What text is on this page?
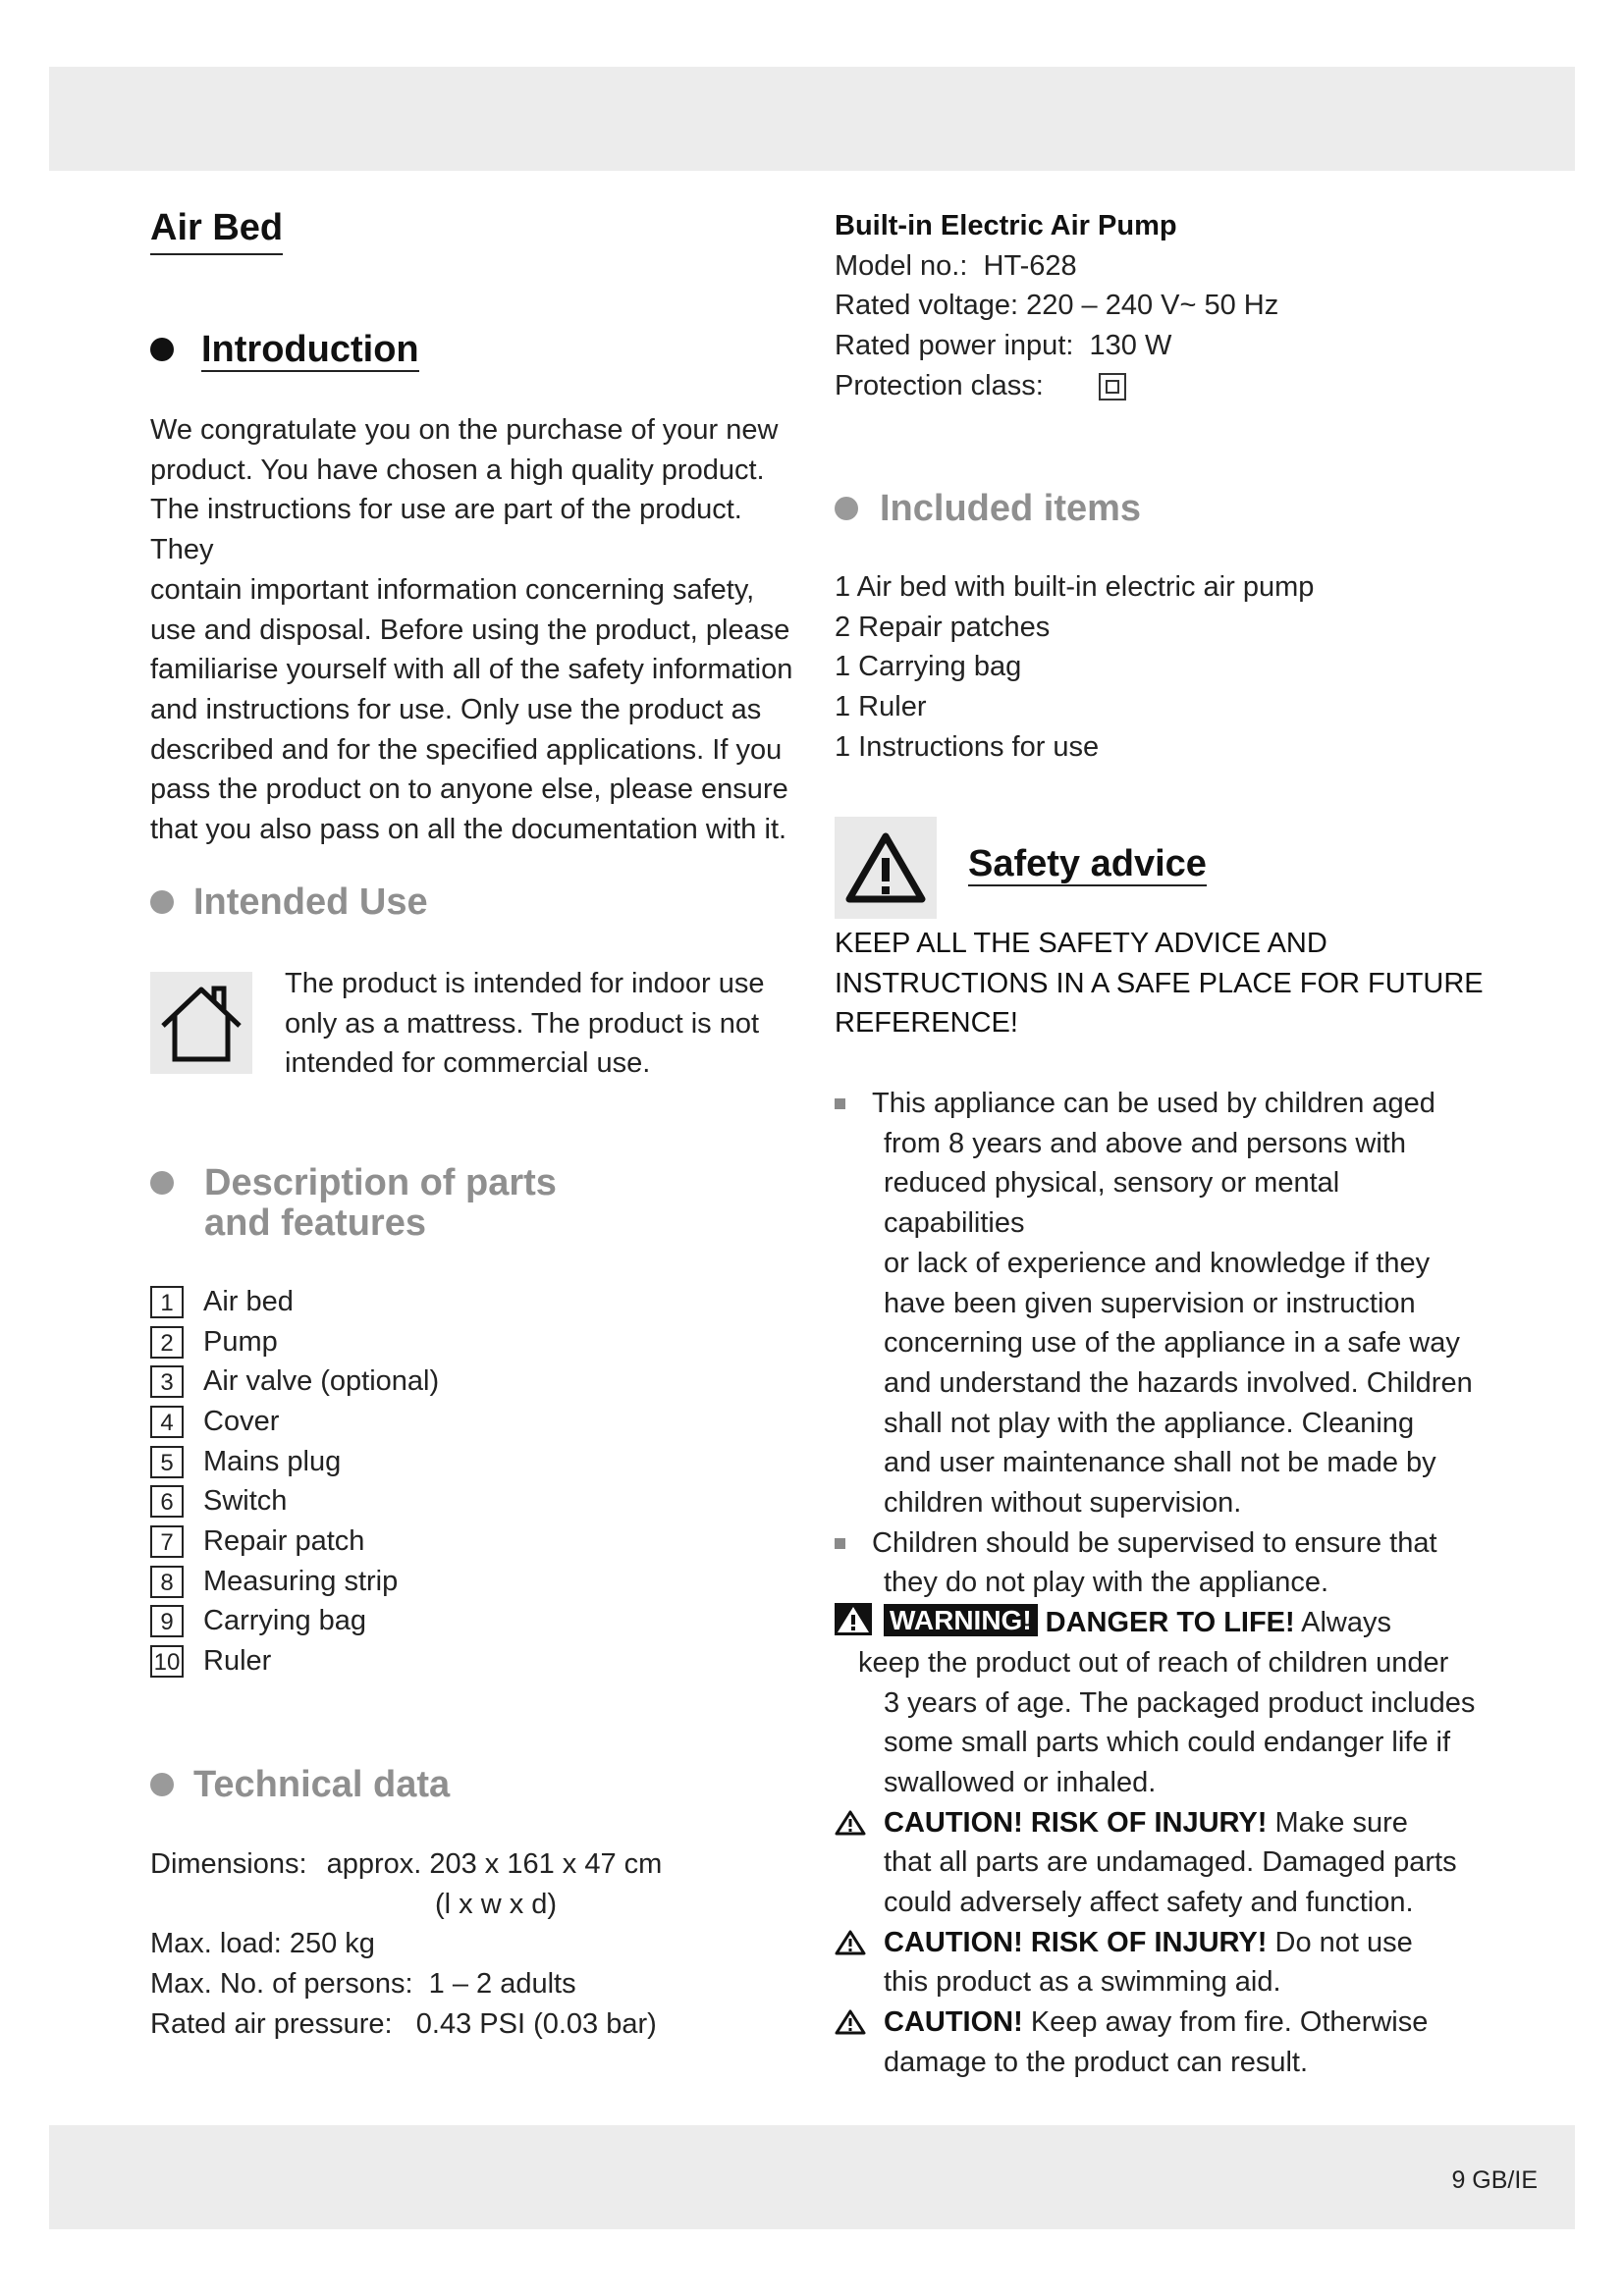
Air Bed
Introduction

We congratulate you on the purchase of your new

product. You have chosen a high quality product.

The instructions for use are part of the product. They

contain important information concerning safety,

use and disposal. Before using the product, please

familiarise yourself with all of the safety information

and instructions for use. Only use the product as

described and for the specified applications. If you

pass the product on to anyone else, please ensure

that you also pass on all the documentation with it.

Intended Use

The product is intended for indoor use

only as a mattress. The product is not

intended for commercial use.

Description of parts
and features
1	Air bed
2	Pump
3	Air valve (optional)
4	Cover
5	Mains plug
6	Switch
7	Repair patch
8	Measuring strip
9	Carrying bag
10 Ruler
Technical data
Dimensions: approx. 203 x 161 x 47 cm
(l x w x d)
Max. load: 250 kg
Max. No. of persons:  1 – 2 adults
Rated air pressure:   0.43 PSI (0.03 bar)
Built-in Electric Air Pump
Model no.:  HT-628
Rated voltage: 220 – 240 V~ 50 Hz
Rated power input:  130 W
Protection class:
Included items
1 Air bed with built-in electric air pump
2 Repair patches
1 Carrying bag
1 Ruler
1 Instructions for use
Safety advice
KEEP ALL THE SAFETY ADVICE AND
INSTRUCTIONS IN A SAFE PLACE FOR FUTURE
REFERENCE!
This appliance can be used by children aged
from 8 years and above and persons with
reduced physical, sensory or mental capabilities
or lack of experience and knowledge if they
have been given supervision or instruction
concerning use of the appliance in a safe way
and understand the hazards involved. Children
shall not play with the appliance. Cleaning
and user maintenance shall not be made by
children without supervision.
Children should be supervised to ensure that
they do not play with the appliance.
WARNING! DANGER TO LIFE! Always
keep the product out of reach of children under
3 years of age. The packaged product includes
some small parts which could endanger life if
swallowed or inhaled.
CAUTION! RISK OF INJURY! Make sure
that all parts are undamaged. Damaged parts
could adversely affect safety and function.
CAUTION! RISK OF INJURY! Do not use
this product as a swimming aid.
CAUTION! Keep away from fire. Otherwise
damage to the product can result.
9 GB/IE
